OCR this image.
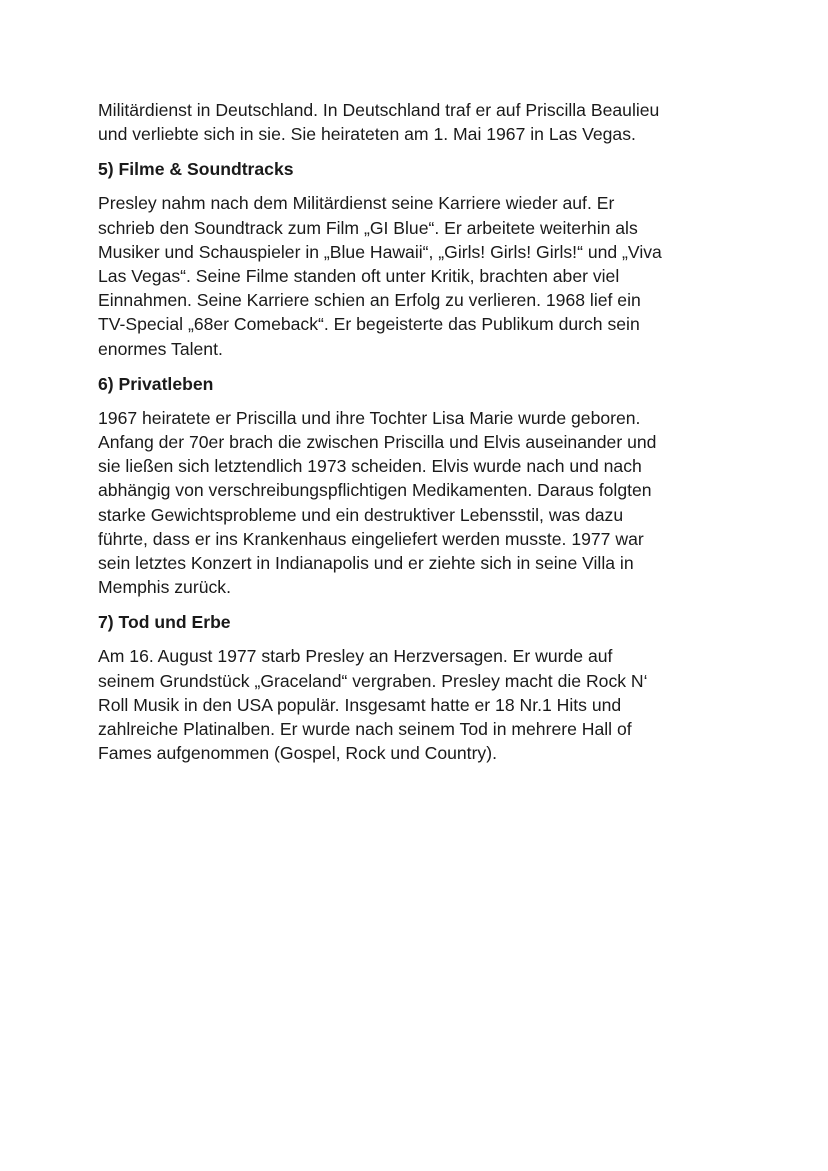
Militärdienst in Deutschland. In Deutschland traf er auf Priscilla Beaulieu
und verliebte sich in sie. Sie heirateten am 1. Mai 1967 in Las Vegas.

5) Filme & Soundtracks

Presley nahm nach dem Militärdienst seine Karriere wieder auf. Er
schrieb den Soundtrack zum Film „GI Blue“. Er arbeitete weiterhin als
Musiker und Schauspieler in „Blue Hawaii“, „Girls! Girls! Girls!“ und „Viva
Las Vegas“. Seine Filme standen oft unter Kritik, brachten aber viel
Einnahmen. Seine Karriere schien an Erfolg zu verlieren. 1968 lief ein
TV-Special „68er Comeback“. Er begeisterte das Publikum durch sein
enormes Talent.

6) Privatleben

1967 heiratete er Priscilla und ihre Tochter Lisa Marie wurde geboren.
Anfang der 70er brach die zwischen Priscilla und Elvis auseinander und
sie ließen sich letztendlich 1973 scheiden. Elvis wurde nach und nach
abhängig von verschreibungspflichtigen Medikamenten. Daraus folgten
starke Gewichtsprobleme und ein destruktiver Lebensstil, was dazu
führte, dass er ins Krankenhaus eingeliefert werden musste. 1977 war
sein letztes Konzert in Indianapolis und er ziehte sich in seine Villa in
Memphis zurück.

7) Tod und Erbe

Am 16. August 1977 starb Presley an Herzversagen. Er wurde auf
seinem Grundstück „Graceland“ vergraben. Presley macht die Rock N‘
Roll Musik in den USA populär. Insgesamt hatte er 18 Nr.1 Hits und
zahlreiche Platinalben. Er wurde nach seinem Tod in mehrere Hall of
Fames aufgenommen (Gospel, Rock und Country).
